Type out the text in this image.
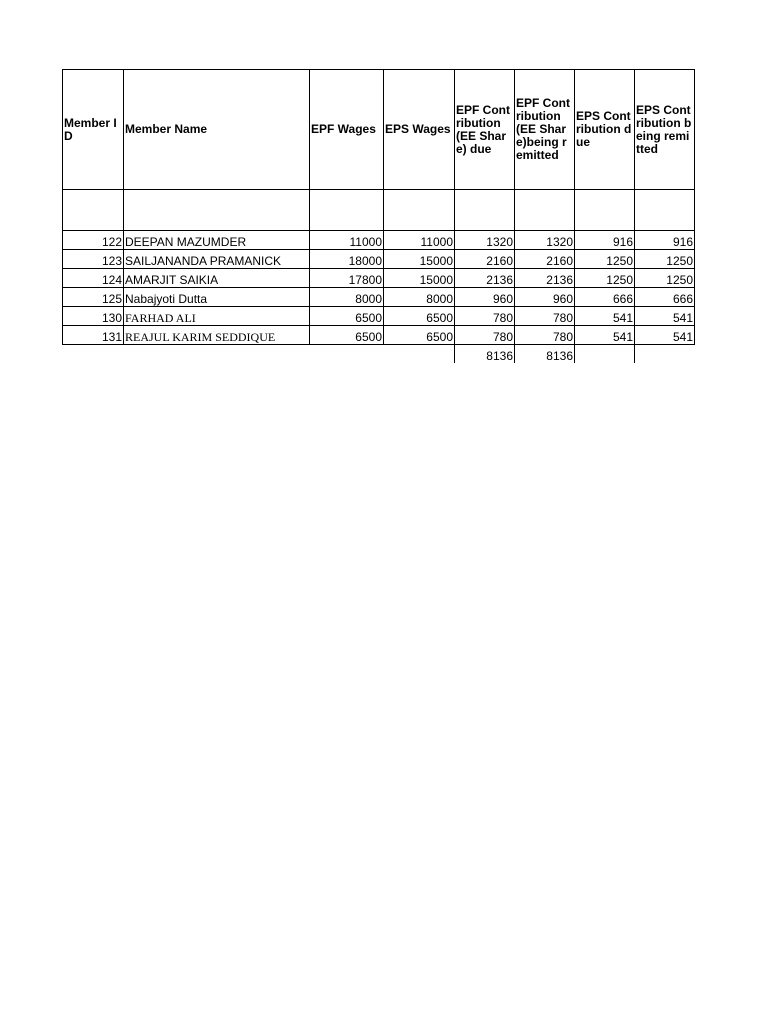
Member ID	Member Name	EPF Wages	EPS Wages	EPF Contribution (EE Share) due	EPF Contribution (EE Share)being remitted	EPS Contribution due	EPS Contribution being remitted

122	DEEPAN MAZUMDER	11000	11000	1320	1320	916	916
123	SAILJANANDA PRAMANICK	18000	15000	2160	2160	1250	1250
124	AMARJIT SAIKIA	17800	15000	2136	2136	1250	1250
125	Nabajyoti Dutta	8000	8000	960	960	666	666
130	FARHAD ALI	6500	6500	780	780	541	541
131	REAJUL KARIM SEDDIQUE	6500	6500	780	780	541	541
				8136	8136		
